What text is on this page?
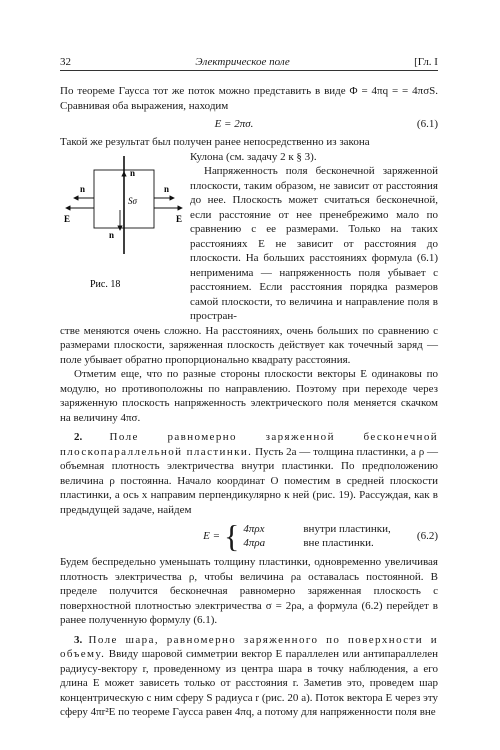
32	Электрическое поле	[Гл. I

По теореме Гаусса тот же поток можно представить в виде Φ = 4πq = = 4πσS. Сравнивая оба выражения, находим

E = 2πσ.	(6.1)

Такой же результат был получен ранее непосредственно из закона

n
n	n
n
E	E
Sσ
Рис. 18

Кулона (см. задачу 2 к § 3).

Напряженность поля бесконечной заряженной плоскости, таким образом, не зависит от расстояния до нее. Плоскость может считаться бесконечной, если расстояние от нее пренебрежимо мало по сравнению с ее размерами. Только на таких расстояниях E не зависит от расстояния до плоскости. На больших расстояниях формула (6.1) неприменима — напряженность поля убывает с расстоянием. Если расстояния порядка размеров самой плоскости, то величина и направление поля в простран-

стве меняются очень сложно. На расстояниях, очень больших по сравнению с размерами плоскости, заряженная плоскость действует как точечный заряд — поле убывает обратно пропорционально квадрату расстояния.

Отметим еще, что по разные стороны плоскости векторы E одинаковы по модулю, но противоположны по направлению. Поэтому при переходе через заряженную плоскость напряженность электрического поля меняется скачком на величину 4πσ.

2. Поле равномерно заряженной бесконечной плоскопараллельной пластинки. Пусть 2a — толщина пластинки, а ρ — объемная плотность электричества внутри пластинки. По предположению величина ρ постоянна. Начало координат O поместим в средней плоскости пластинки, а ось x направим перпендикулярно к ней (рис. 19). Рассуждая, как в предыдущей задаче, найдем

E = { 4πρx	внутри пластинки,
4πρa	вне пластинки.
(6.2)

Будем беспредельно уменьшать толщину пластинки, одновременно увеличивая плотность электричества ρ, чтобы величина ρa оставалась постоянной. В пределе получится бесконечная равномерно заряженная плоскость с поверхностной плотностью электричества σ = 2ρa, а формула (6.2) перейдет в ранее полученную формулу (6.1).

3. Поле шара, равномерно заряженного по поверхности и объему. Ввиду шаровой симметрии вектор E параллелен или антипараллелен радиусу-вектору r, проведенному из центра шара в точку наблюдения, а его длина E может зависеть только от расстояния r. Заметив это, проведем шар концентрическую с ним сферу S радиуса r (рис. 20 а). Поток вектора E через эту сферу 4πr²E по теореме Гаусса равен 4πq, а потому для напряженности поля вне
